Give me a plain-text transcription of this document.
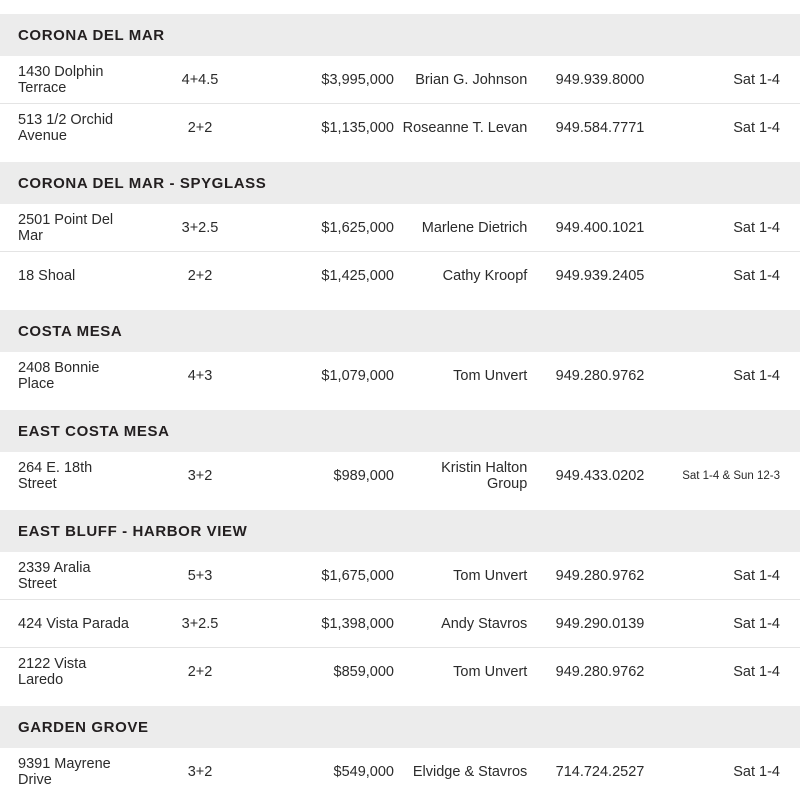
CORONA DEL MAR					

1430 Dolphin Terrace	4+4.5	$3,995,000	Brian G. Johnson	949.939.8000	Sat 1-4
513 1/2 Orchid Avenue	2+2	$1,135,000	Roseanne T. Levan	949.584.7771	Sat 1-4

CORONA DEL MAR - SPYGLASS					

2501 Point Del Mar	3+2.5	$1,625,000	Marlene Dietrich	949.400.1021	Sat 1-4
18 Shoal	2+2	$1,425,000	Cathy Kroopf	949.939.2405	Sat 1-4

COSTA MESA					

2408 Bonnie Place	4+3	$1,079,000	Tom Unvert	949.280.9762	Sat 1-4

EAST COSTA MESA					

264 E. 18th Street	3+2	$989,000	Kristin Halton Group	949.433.0202	Sat 1-4 & Sun 12-3

EAST BLUFF - HARBOR VIEW					

2339 Aralia Street	5+3	$1,675,000	Tom Unvert	949.280.9762	Sat 1-4
424 Vista Parada	3+2.5	$1,398,000	Andy Stavros	949.290.0139	Sat 1-4
2122 Vista Laredo	2+2	$859,000	Tom Unvert	949.280.9762	Sat 1-4

GARDEN GROVE					

9391 Mayrene Drive	3+2	$549,000	Elvidge & Stavros	714.724.2527	Sat 1-4
